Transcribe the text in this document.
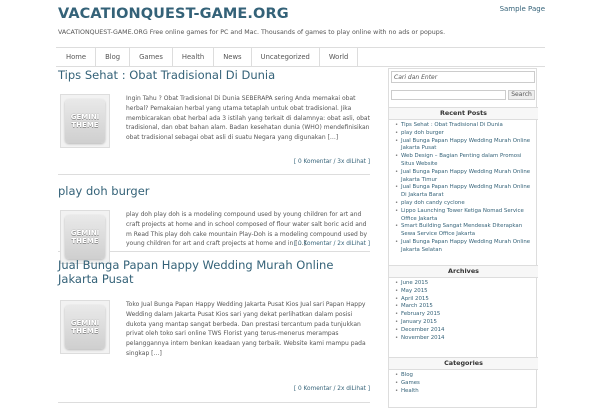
VACATIONQUEST-GAME.ORG	Sample Page
VACATIONQUEST-GAME.ORG Free online games for PC and Mac. Thousands of games to play online with no ads or popups.
Home	Blog	Games	Health	News	Uncategorized	World
Tips Sehat : Obat Tradisional Di Dunia
GEMINI
THEME
Ingin Tahu ? Obat Tradisional Di Dunia SEBERAPA sering Anda memakai obat herbal? Pemakaian herbal yang utama tetaplah untuk obat tradisional. Jika membicarakan obat herbal ada 3 istilah yang terkait di dalamnya: obat asli, obat tradisional, dan obat bahan alam. Badan kesehatan dunia (WHO) mendefinisikan obat tradisional sebagai obat asli di suatu Negara yang digunakan […]
[ 0 Komentar / 3x diLihat ]
play doh burger
GEMINI
THEME
play doh play doh is a modeling compound used by young children for art and craft projects at home and in school composed of flour water salt boric acid and m Read This play doh cake mountain Play-Doh is a modeling compound used by young children for art and craft projects at home and in […]
[ 0 Komentar / 2x diLihat ]
Jual Bunga Papan Happy Wedding Murah Online Jakarta Pusat
GEMINI
THEME
Toko Jual Bunga Papan Happy Wedding Jakarta Pusat Kios Jual sari Papan Happy Wedding dalam Jakarta Pusat Kios sari yang dekat perlihatkan dalam posisi dukota yang mantap sangat berbeda. Dan prestasi tercantum pada tunjukkan privat oleh toko sari online TWS Florist yang terus-menerus merampas pelanggannya intern benkan keadaan yang terbaik. Website kami mampu pada singkap […]
[ 0 Komentar / 2x diLihat ]
Cari dan Enter
Search
Recent Posts
• Tips Sehat : Obat Tradisional Di Dunia
• play doh burger
• Jual Bunga Papan Happy Wedding Murah Online Jakarta Pusat
• Web Design – Bagian Penting dalam Promosi Situs Website
• Jual Bunga Papan Happy Wedding Murah Online Jakarta Timur
• Jual Bunga Papan Happy Wedding Murah Online Di Jakarta Barat
• play doh candy cyclone
• Lippo Launching Tower Ketiga Nomad Service Office Jakarta
• Smart Building Sangat Mendesak Diterapkan Sewa Service Office Jakarta
• Jual Bunga Papan Happy Wedding Murah Online Jakarta Selatan
Archives
• June 2015
• May 2015
• April 2015
• March 2015
• February 2015
• January 2015
• December 2014
• November 2014
Categories
• Blog
• Games
• Health
